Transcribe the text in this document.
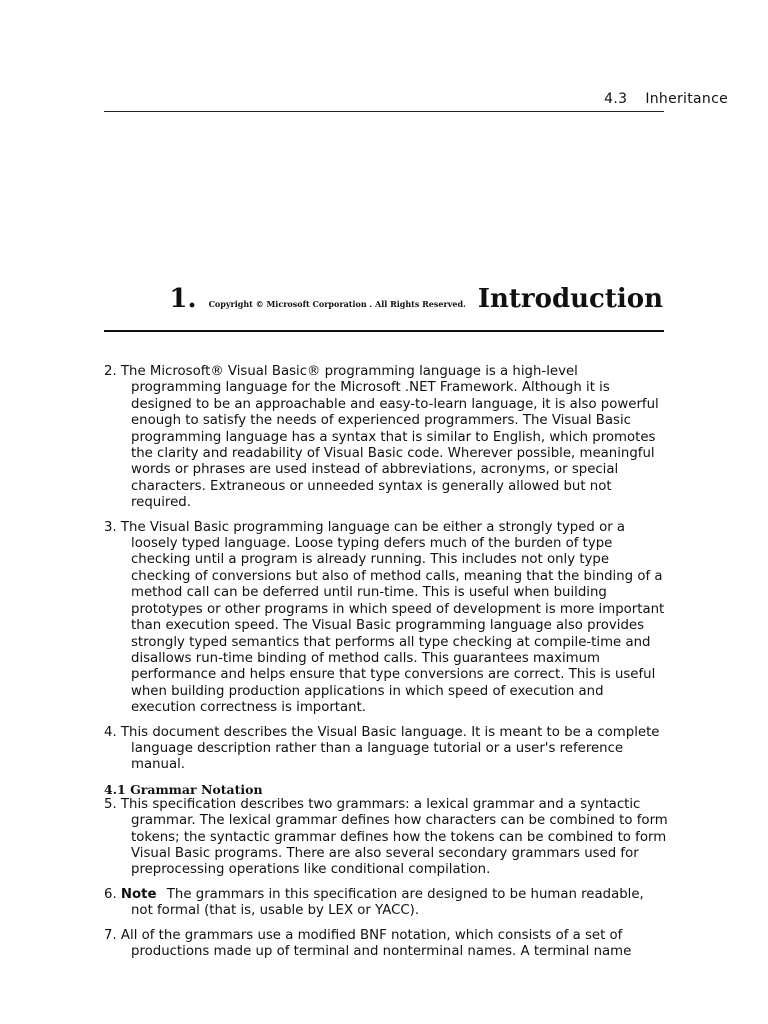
4.3 Inheritance
1. Copyright © Microsoft Corporation . All Rights Reserved. Introduction

2. The Microsoft® Visual Basic® programming language is a high-level programming language for the Microsoft .NET Framework. Although it is designed to be an approachable and easy-to-learn language, it is also powerful enough to satisfy the needs of experienced programmers. The Visual Basic programming language has a syntax that is similar to English, which promotes the clarity and readability of Visual Basic code. Wherever possible, meaningful words or phrases are used instead of abbreviations, acronyms, or special characters. Extraneous or unneeded syntax is generally allowed but not required.

3. The Visual Basic programming language can be either a strongly typed or a loosely typed language. Loose typing defers much of the burden of type checking until a program is already running. This includes not only type checking of conversions but also of method calls, meaning that the binding of a method call can be deferred until run-time. This is useful when building prototypes or other programs in which speed of development is more important than execution speed. The Visual Basic programming language also provides strongly typed semantics that performs all type checking at compile-time and disallows run-time binding of method calls. This guarantees maximum performance and helps ensure that type conversions are correct. This is useful when building production applications in which speed of execution and execution correctness is important.

4. This document describes the Visual Basic language. It is meant to be a complete language description rather than a language tutorial or a user's reference manual.

4.1 Grammar Notation

5. This specification describes two grammars: a lexical grammar and a syntactic grammar. The lexical grammar defines how characters can be combined to form tokens; the syntactic grammar defines how the tokens can be combined to form Visual Basic programs. There are also several secondary grammars used for preprocessing operations like conditional compilation.

6. Note The grammars in this specification are designed to be human readable, not formal (that is, usable by LEX or YACC).

7. All of the grammars use a modified BNF notation, which consists of a set of productions made up of terminal and nonterminal names. A terminal name
